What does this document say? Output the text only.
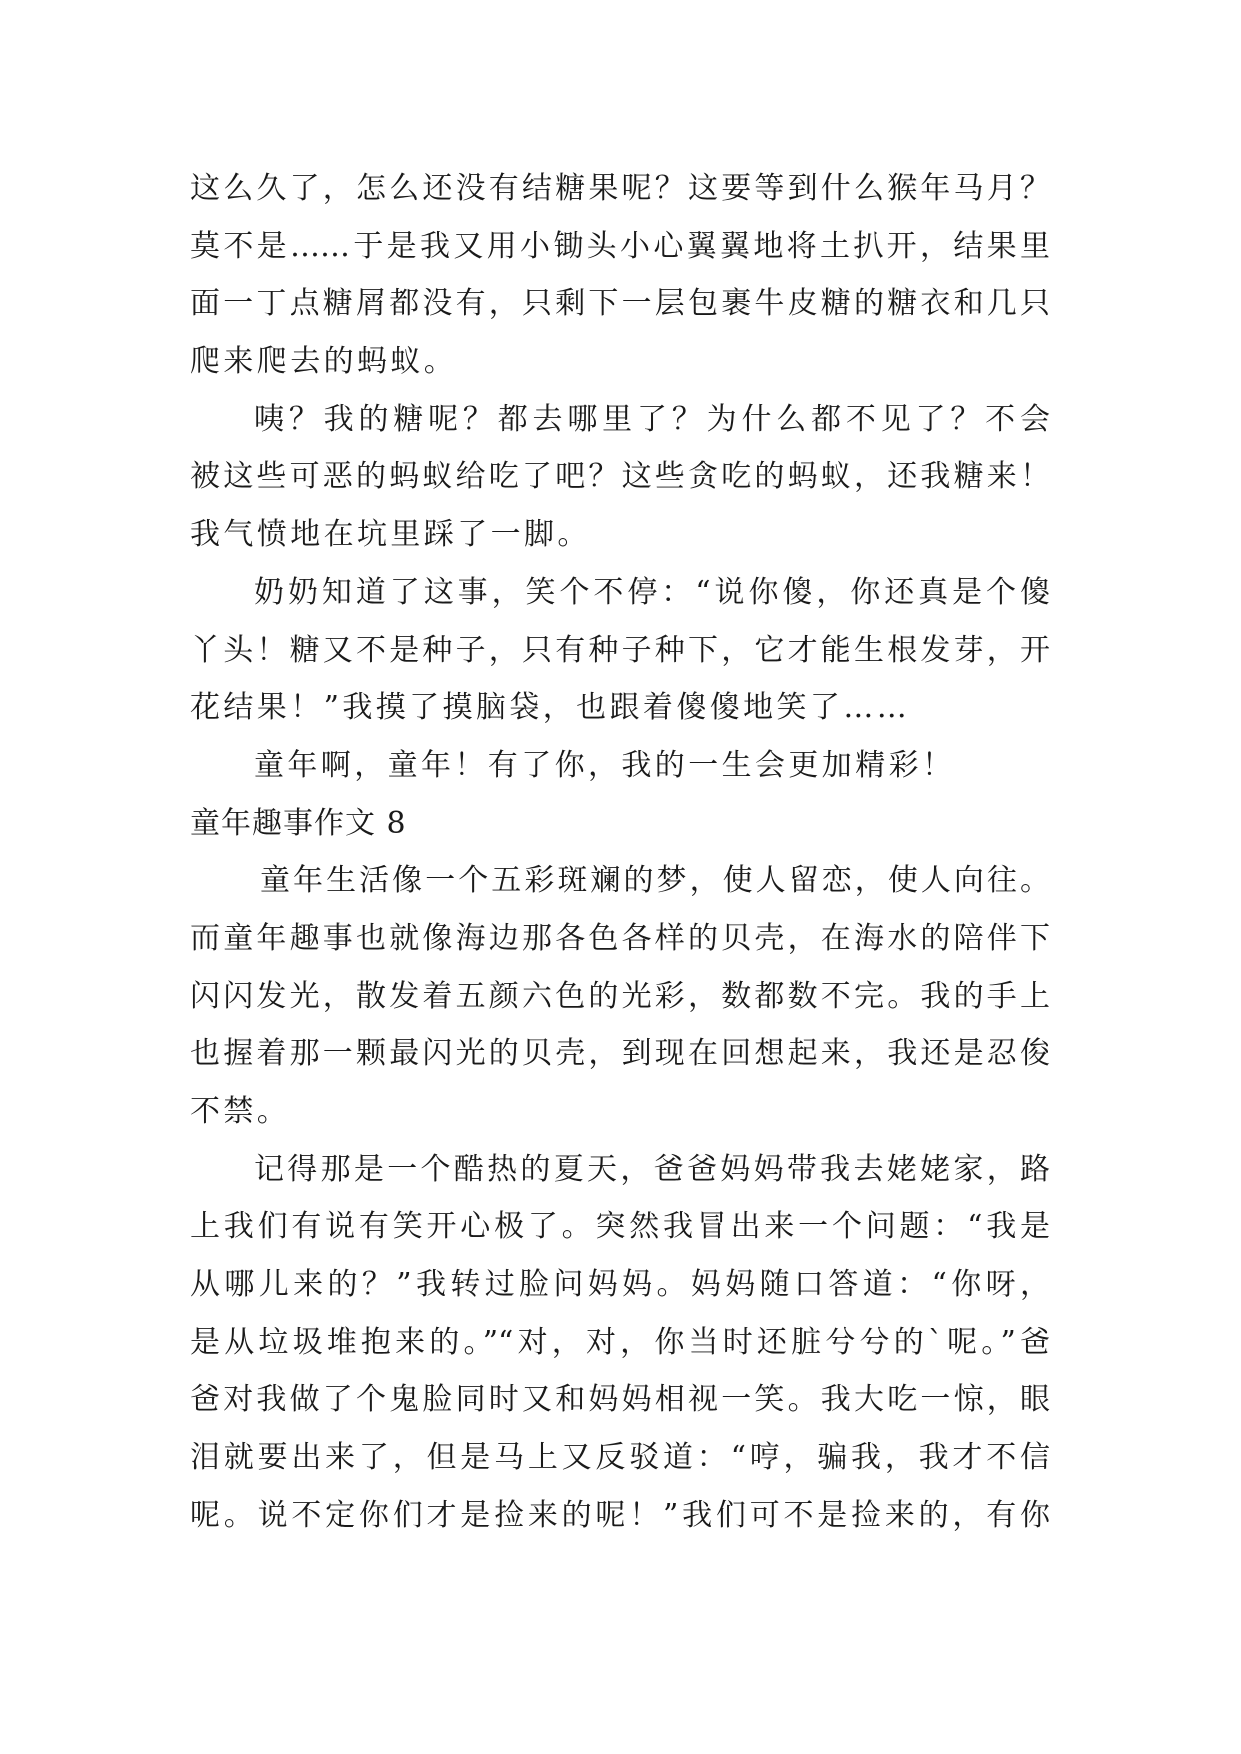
这么久了，怎么还没有结糖果呢？这要等到什么猴年马月？
莫不是……于是我又用小锄头小心翼翼地将土扒开，结果里
面一丁点糖屑都没有，只剩下一层包裹牛皮糖的糖衣和几只
爬来爬去的蚂蚁。
咦？我的糖呢？都去哪里了？为什么都不见了？不会
被这些可恶的蚂蚁给吃了吧？这些贪吃的蚂蚁，还我糖来！
我气愤地在坑里踩了一脚。
奶奶知道了这事，笑个不停：“说你傻，你还真是个傻
丫头！糖又不是种子，只有种子种下，它才能生根发芽，开
花结果！”我摸了摸脑袋，也跟着傻傻地笑了……
童年啊，童年！有了你，我的一生会更加精彩！
童年趣事作文 8
童年生活像一个五彩斑斓的梦，使人留恋，使人向往。
而童年趣事也就像海边那各色各样的贝壳，在海水的陪伴下
闪闪发光，散发着五颜六色的光彩，数都数不完。我的手上
也握着那一颗最闪光的贝壳，到现在回想起来，我还是忍俊
不禁。
记得那是一个酷热的夏天，爸爸妈妈带我去姥姥家，路
上我们有说有笑开心极了。突然我冒出来一个问题：“我是
从哪儿来的？”我转过脸问妈妈。妈妈随口答道：“你呀，
是从垃圾堆抱来的。”“对，对，你当时还脏兮兮的`呢。”爸
爸对我做了个鬼脸同时又和妈妈相视一笑。我大吃一惊，眼
泪就要出来了，但是马上又反驳道：“哼，骗我，我才不信
呢。说不定你们才是捡来的呢！”我们可不是捡来的，有你
